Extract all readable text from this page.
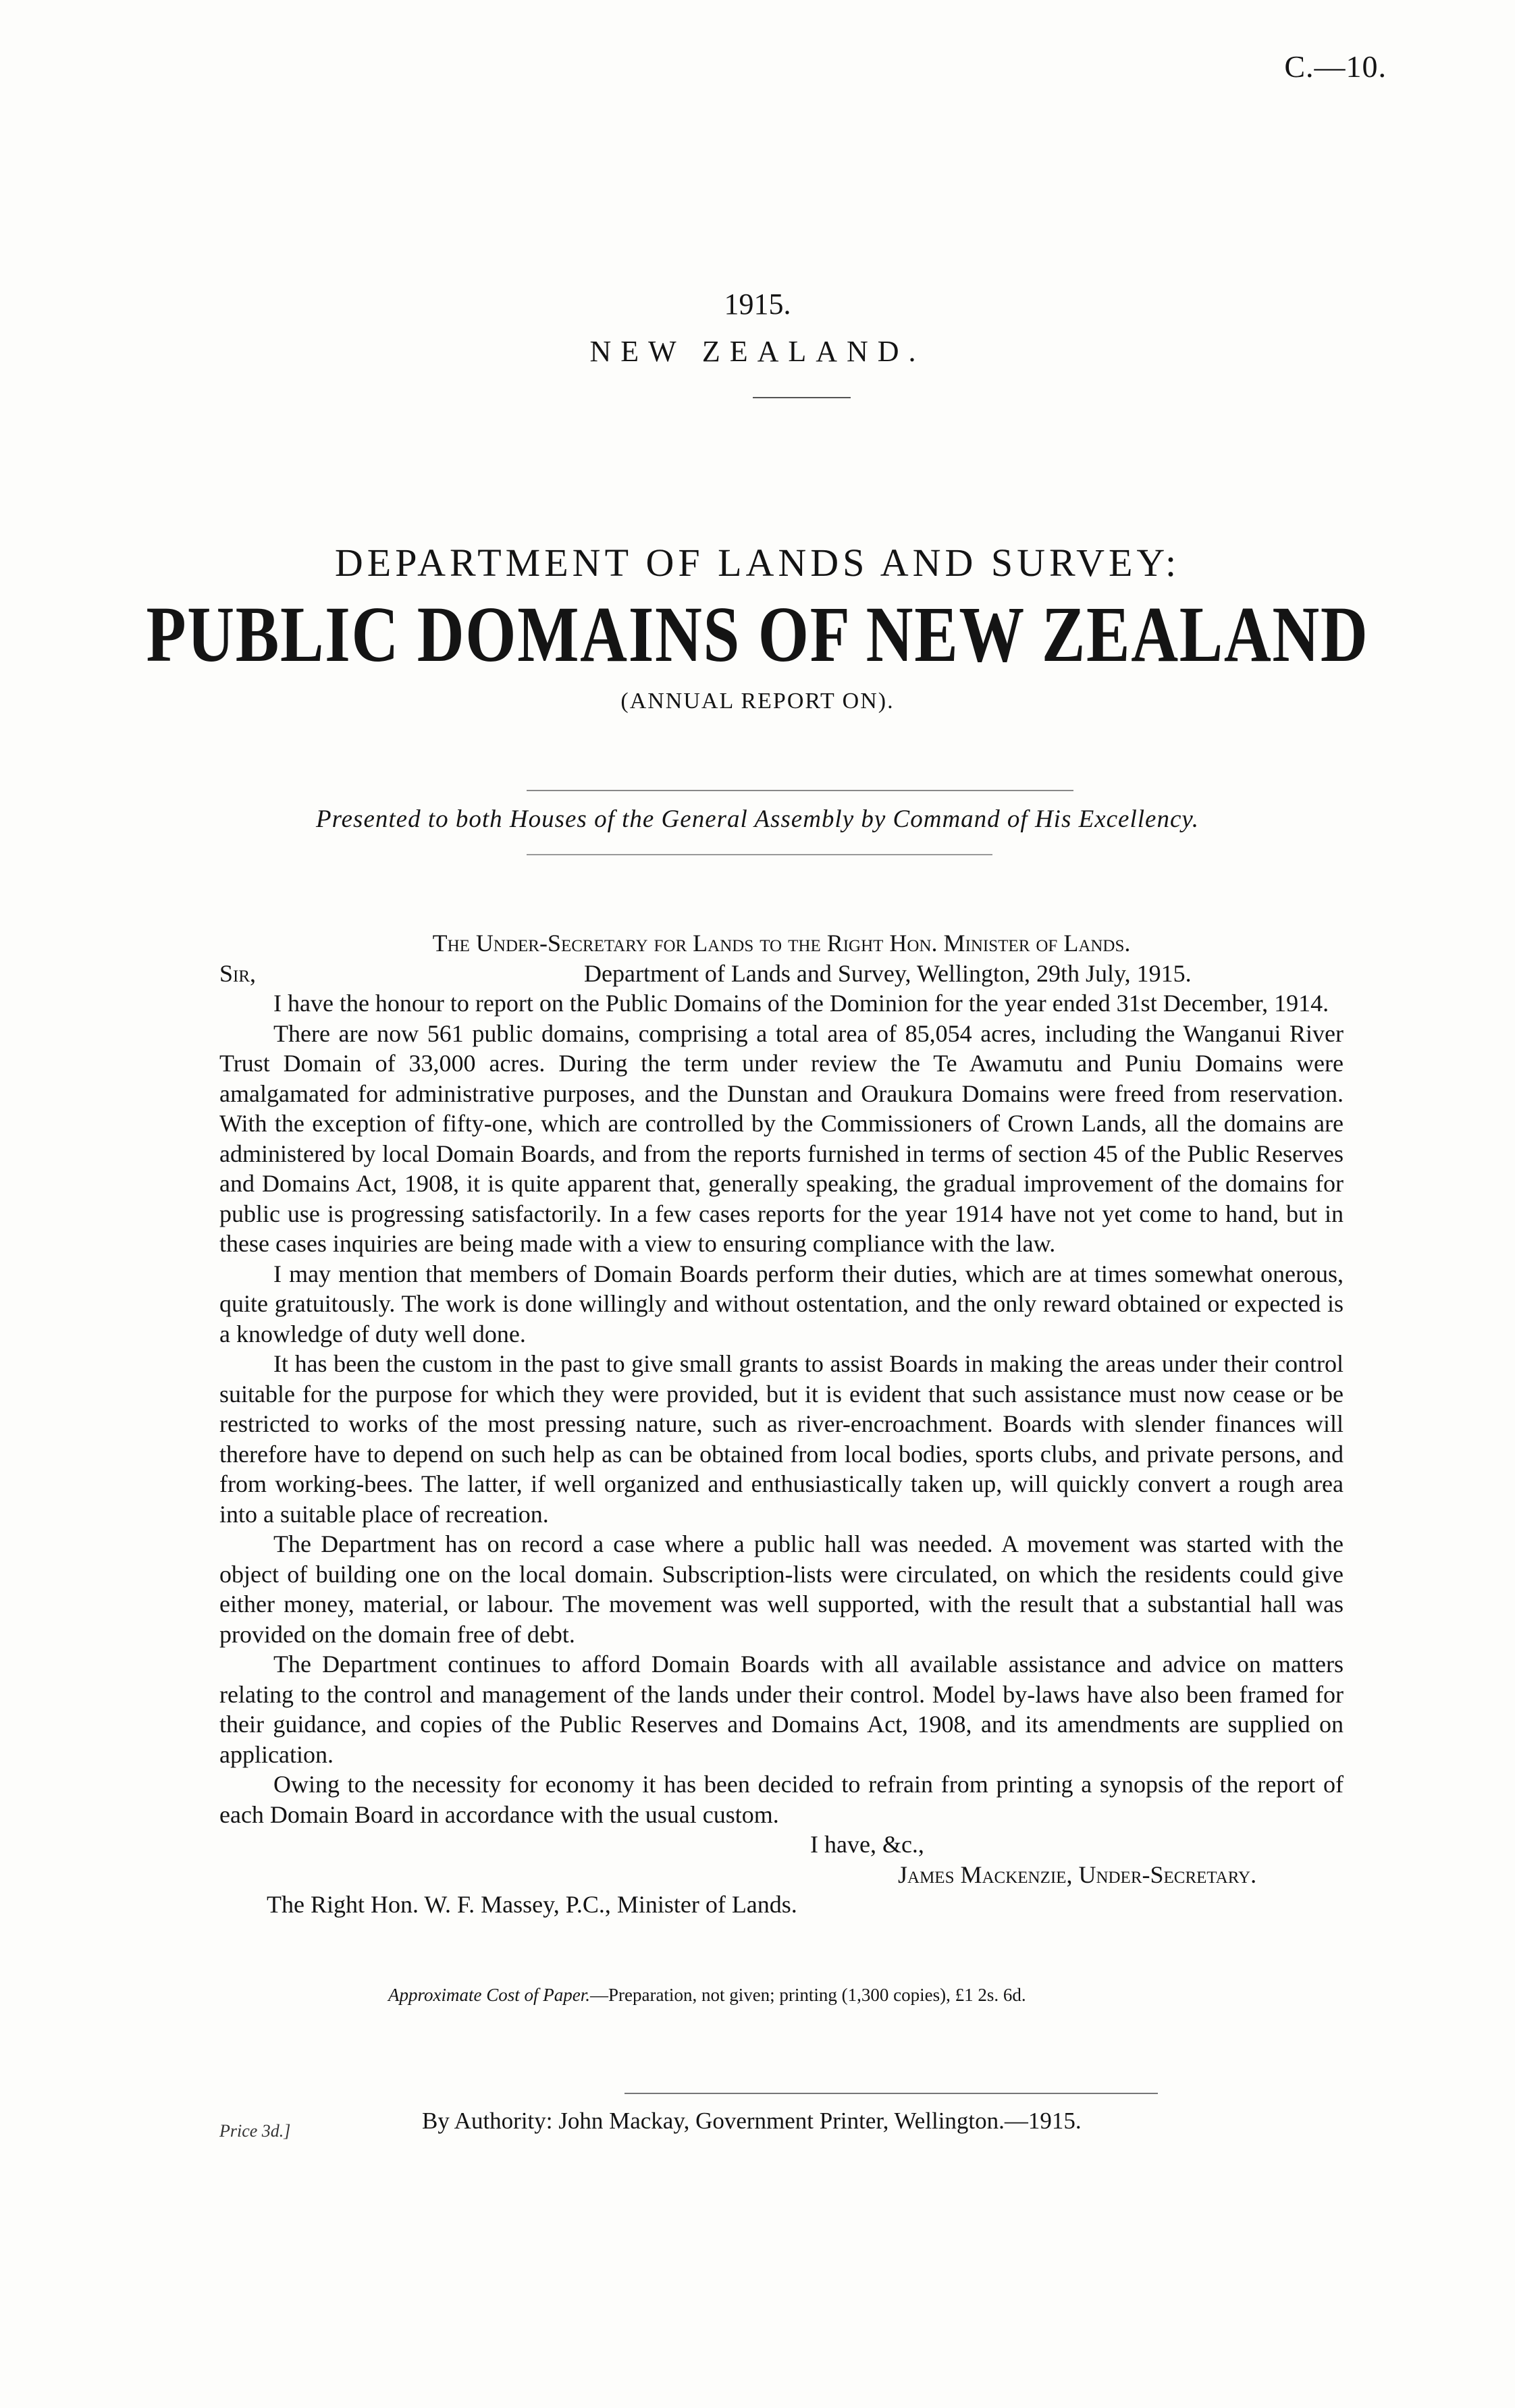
C.—10.
1915.
NEW ZEALAND.
DEPARTMENT OF LANDS AND SURVEY:
PUBLIC DOMAINS OF NEW ZEALAND
(ANNUAL REPORT ON).
Presented to both Houses of the General Assembly by Command of His Excellency.
The Under-Secretary for Lands to the Right Hon. Minister of Lands.
Sir,	Department of Lands and Survey, Wellington, 29th July, 1915.

I have the honour to report on the Public Domains of the Dominion for the year ended 31st December, 1914.

There are now 561 public domains, comprising a total area of 85,054 acres, including the Wanganui River Trust Domain of 33,000 acres. During the term under review the Te Awamutu and Puniu Domains were amalgamated for administrative purposes, and the Dunstan and Oraukura Domains were freed from reservation. With the exception of fifty-one, which are controlled by the Commissioners of Crown Lands, all the domains are administered by local Domain Boards, and from the reports furnished in terms of section 45 of the Public Reserves and Domains Act, 1908, it is quite apparent that, generally speaking, the gradual improvement of the domains for public use is progressing satisfactorily. In a few cases reports for the year 1914 have not yet come to hand, but in these cases inquiries are being made with a view to ensuring compliance with the law.

I may mention that members of Domain Boards perform their duties, which are at times somewhat onerous, quite gratuitously. The work is done willingly and without ostentation, and the only reward obtained or expected is a knowledge of duty well done.

It has been the custom in the past to give small grants to assist Boards in making the areas under their control suitable for the purpose for which they were provided, but it is evident that such assistance must now cease or be restricted to works of the most pressing nature, such as river-encroachment. Boards with slender finances will therefore have to depend on such help as can be obtained from local bodies, sports clubs, and private persons, and from working-bees. The latter, if well organized and enthusiastically taken up, will quickly convert a rough area into a suitable place of recreation.

The Department has on record a case where a public hall was needed. A movement was started with the object of building one on the local domain. Subscription-lists were circulated, on which the residents could give either money, material, or labour. The movement was well supported, with the result that a substantial hall was provided on the domain free of debt.

The Department continues to afford Domain Boards with all available assistance and advice on matters relating to the control and management of the lands under their control. Model by-laws have also been framed for their guidance, and copies of the Public Reserves and Domains Act, 1908, and its amendments are supplied on application.

Owing to the necessity for economy it has been decided to refrain from printing a synopsis of the report of each Domain Board in accordance with the usual custom.

I have, &c.,
James Mackenzie, Under-Secretary.
The Right Hon. W. F. Massey, P.C., Minister of Lands.
Approximate Cost of Paper.—Preparation, not given; printing (1,300 copies), £1 2s. 6d.
Price 3d.]	By Authority: John Mackay, Government Printer, Wellington.—1915.
